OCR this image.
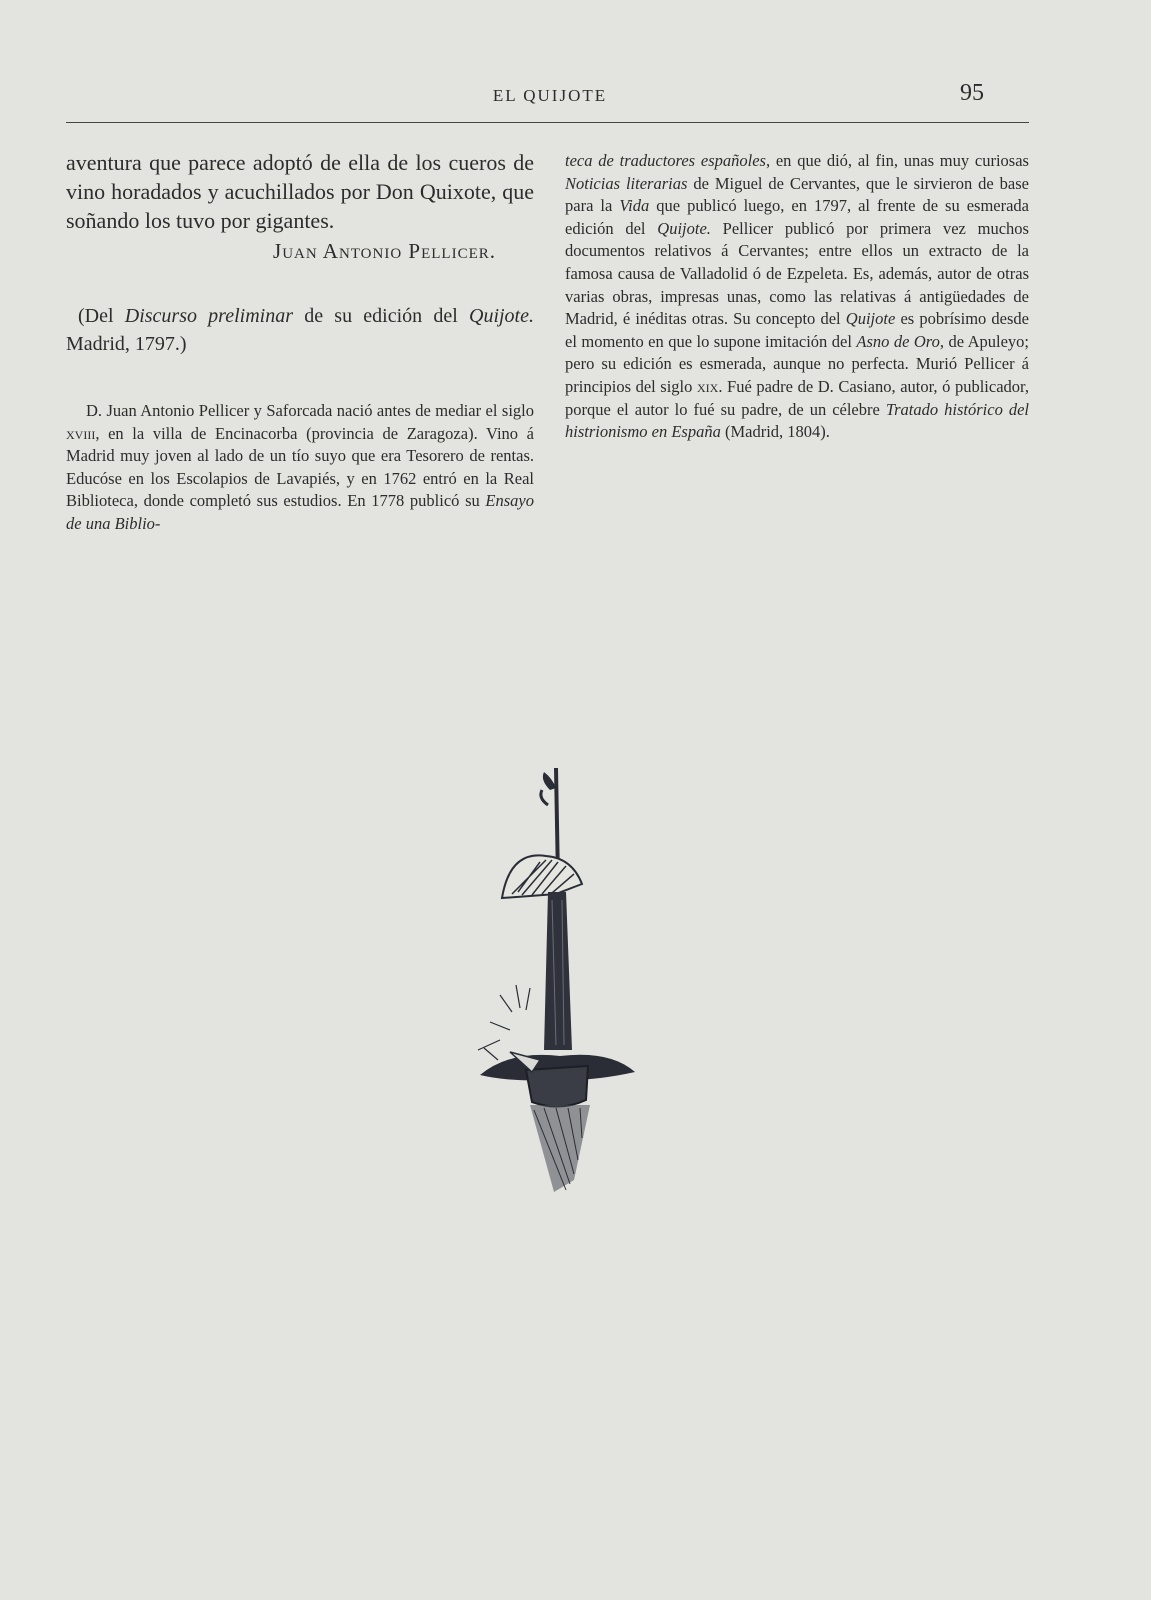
EL QUIJOTE	95

aventura que parece adoptó de ella de los cueros de vino horadados y acuchillados por Don Quixote, que soñando los tuvo por gigantes.

Juan Antonio Pellicer.

(Del Discurso preliminar de su edición del Quijote. Madrid, 1797.)

D. Juan Antonio Pellicer y Saforcada nació antes de mediar el siglo xviii, en la villa de Encinacorba (provincia de Zaragoza). Vino á Madrid muy joven al lado de un tío suyo que era Tesorero de rentas. Educóse en los Escolapios de Lavapiés, y en 1762 entró en la Real Biblioteca, donde completó sus estudios. En 1778 publicó su Ensayo de una Biblio-

teca de traductores españoles, en que dió, al fin, unas muy curiosas Noticias literarias de Miguel de Cervantes, que le sirvieron de base para la Vida que publicó luego, en 1797, al frente de su esmerada edición del Quijote. Pellicer publicó por primera vez muchos documentos relativos á Cervantes; entre ellos un extracto de la famosa causa de Valladolid ó de Ezpeleta. Es, además, autor de otras varias obras, impresas unas, como las relativas á antigüedades de Madrid, é inéditas otras. Su concepto del Quijote es pobrísimo desde el momento en que lo supone imitación del Asno de Oro, de Apuleyo; pero su edición es esmerada, aunque no perfecta. Murió Pellicer á principios del siglo xix. Fué padre de D. Casiano, autor, ó publicador, porque el autor lo fué su padre, de un célebre Tratado histórico del histrionismo en España (Madrid, 1804).
